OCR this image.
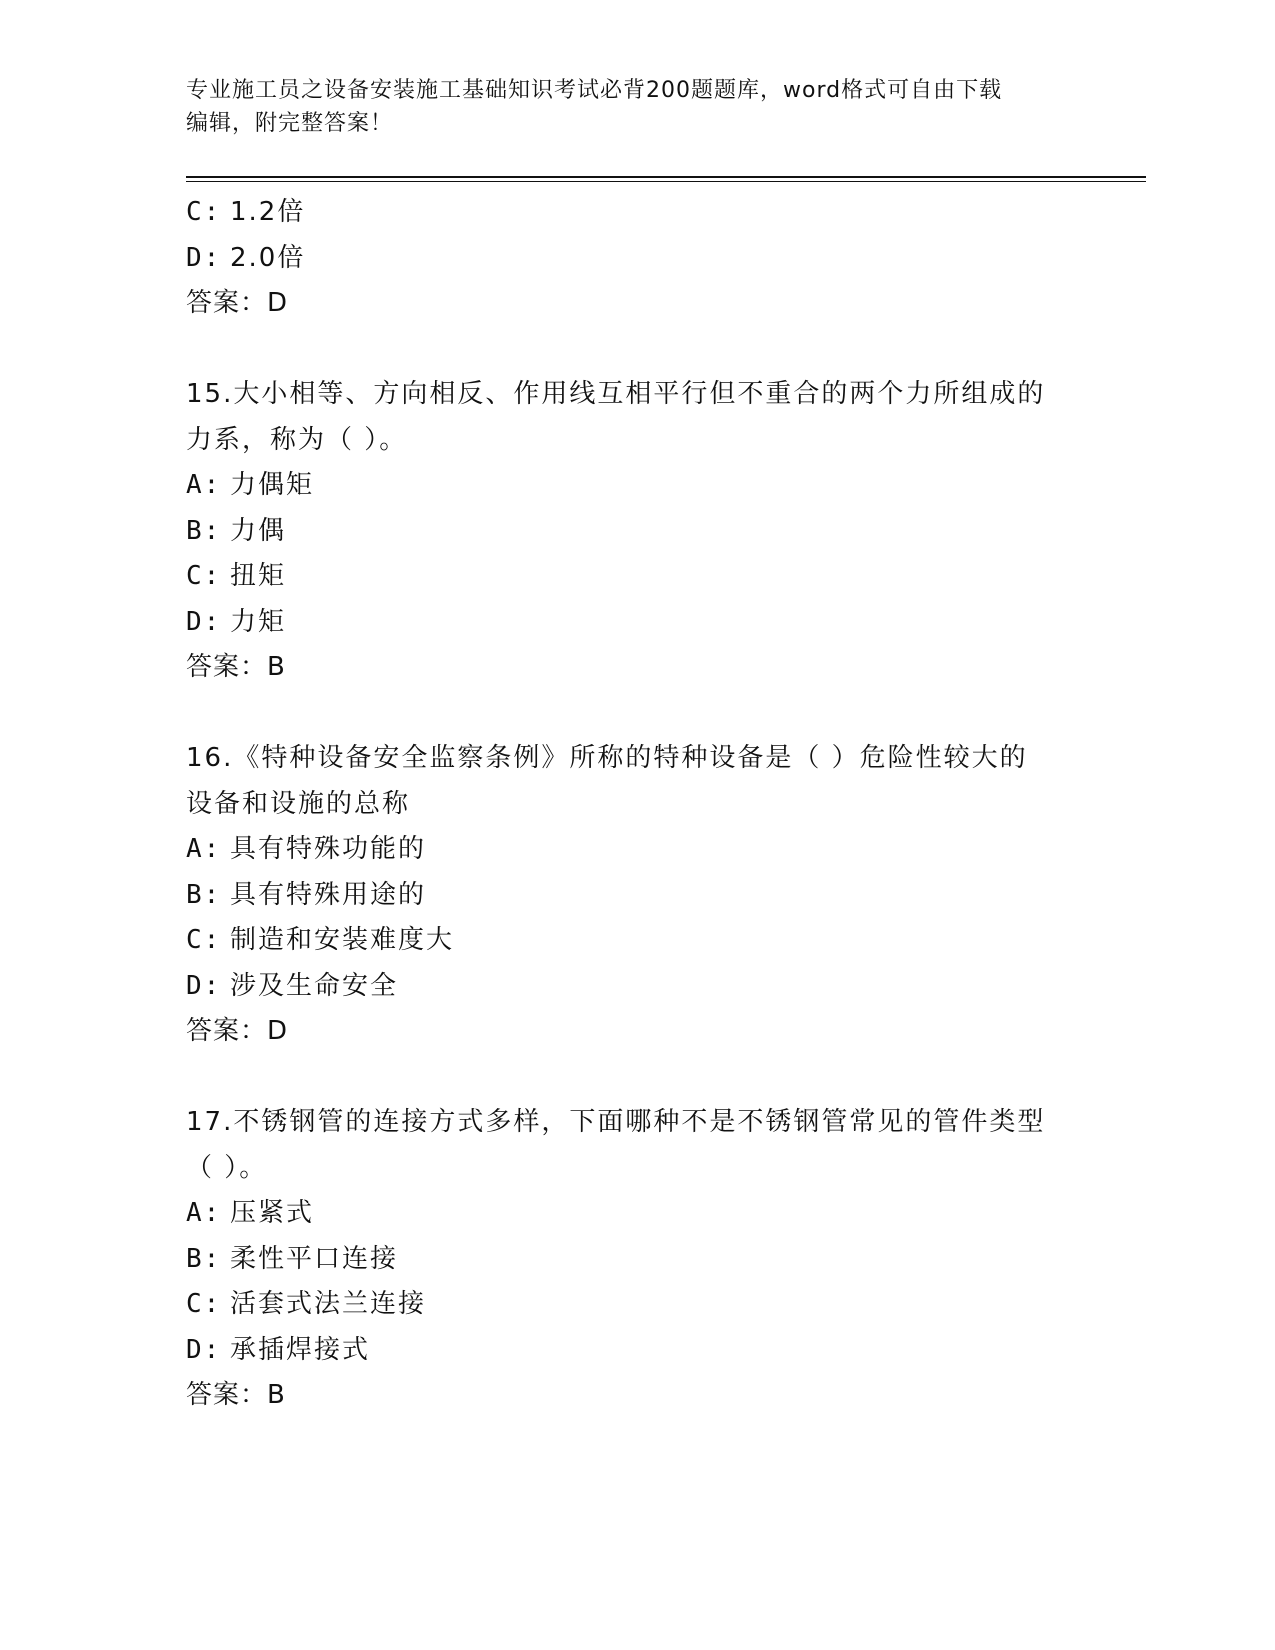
专业施工员之设备安装施工基础知识考试必背200题题库，word格式可自由下载
编辑，附完整答案！
C: 1.2倍
D: 2.0倍
答案：D
15.大小相等、方向相反、作用线互相平行但不重合的两个力所组成的
力系，称为（ ）。
A: 力偶矩
B: 力偶
C: 扭矩
D: 力矩
答案：B
16.《特种设备安全监察条例》所称的特种设备是（ ）危险性较大的
设备和设施的总称
A: 具有特殊功能的
B: 具有特殊用途的
C: 制造和安装难度大
D: 涉及生命安全
答案：D
17.不锈钢管的连接方式多样，下面哪种不是不锈钢管常见的管件类型
（ ）。
A: 压紧式
B: 柔性平口连接
C: 活套式法兰连接
D: 承插焊接式
答案：B
